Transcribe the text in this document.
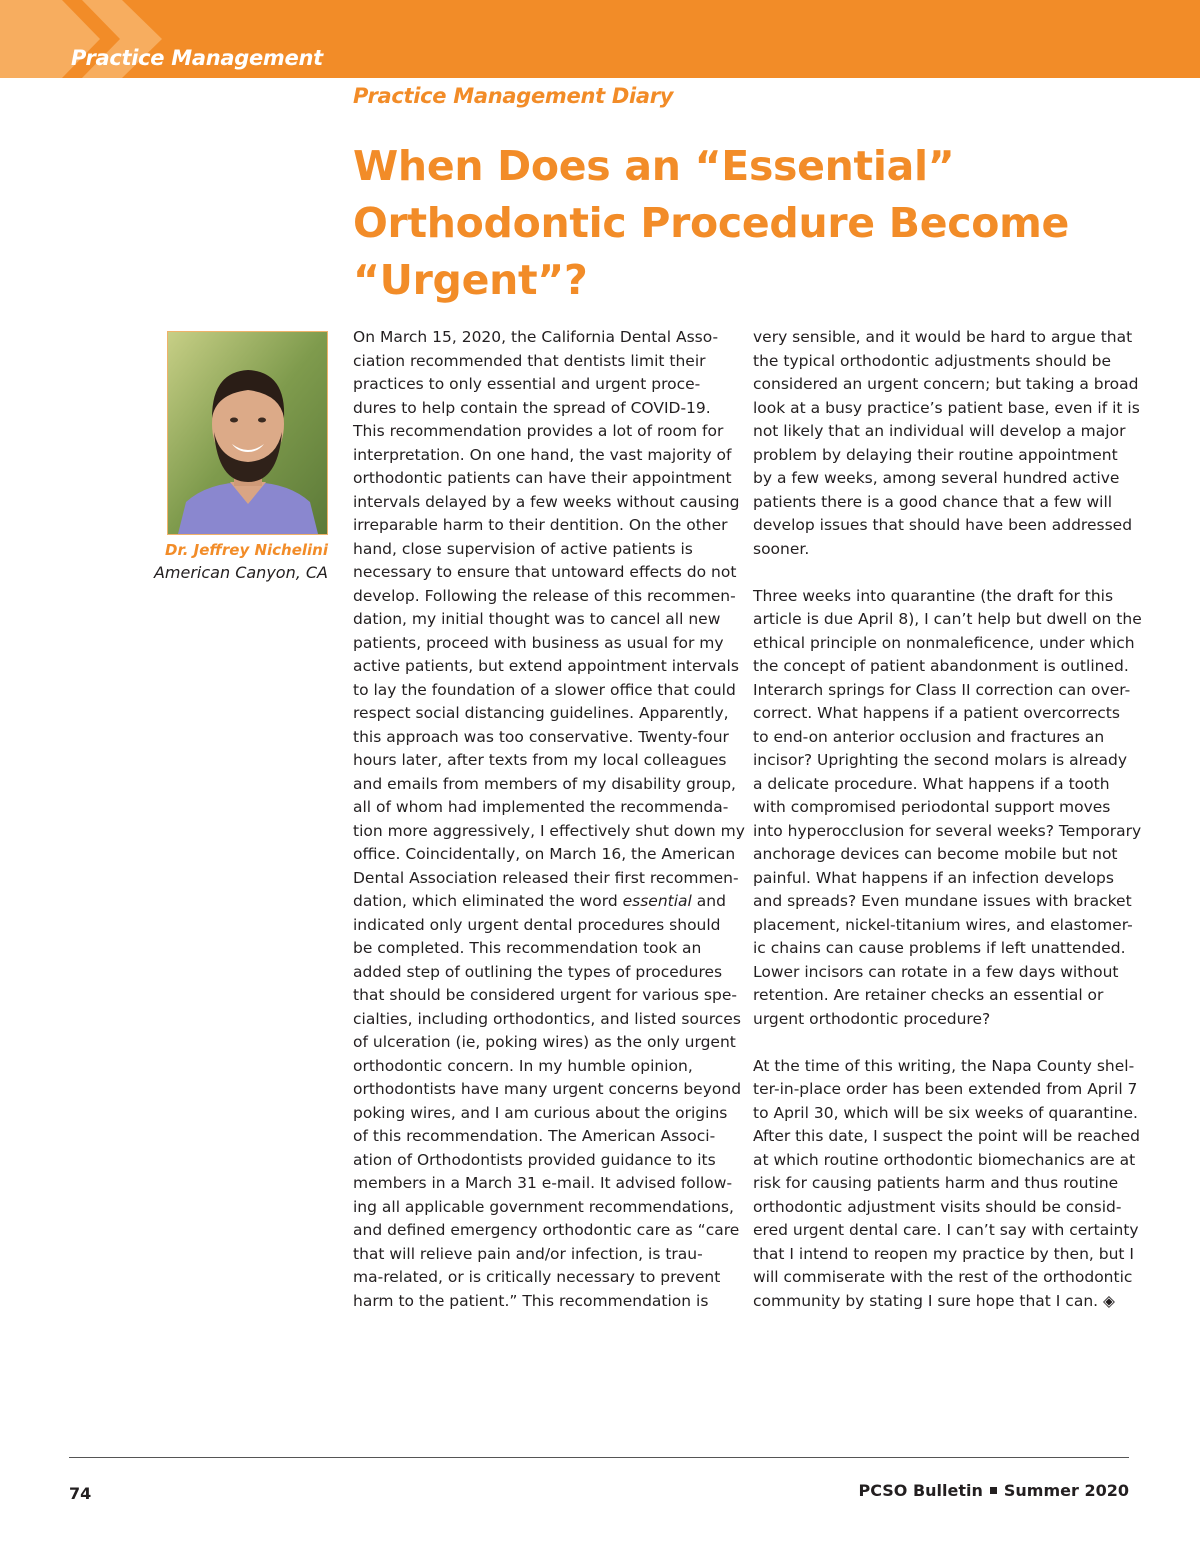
Practice Management
Practice Management Diary
When Does an “Essential”
Orthodontic Procedure Become
“Urgent”?
Dr. Jeffrey Nichelini
American Canyon, CA
On March 15, 2020, the California Dental Asso-
ciation recommended that dentists limit their
practices to only essential and urgent proce-
dures to help contain the spread of COVID-19.
This recommendation provides a lot of room for
interpretation. On one hand, the vast majority of
orthodontic patients can have their appointment
intervals delayed by a few weeks without causing
irreparable harm to their dentition. On the other
hand, close supervision of active patients is
necessary to ensure that untoward effects do not
develop. Following the release of this recommen-
dation, my initial thought was to cancel all new
patients, proceed with business as usual for my
active patients, but extend appointment intervals
to lay the foundation of a slower office that could
respect social distancing guidelines. Apparently,
this approach was too conservative. Twenty-four
hours later, after texts from my local colleagues
and emails from members of my disability group,
all of whom had implemented the recommenda-
tion more aggressively, I effectively shut down my
office. Coincidentally, on March 16, the American
Dental Association released their first recommen-
dation, which eliminated the word essential and
indicated only urgent dental procedures should
be completed. This recommendation took an
added step of outlining the types of procedures
that should be considered urgent for various spe-
cialties, including orthodontics, and listed sources
of ulceration (ie, poking wires) as the only urgent
orthodontic concern. In my humble opinion,
orthodontists have many urgent concerns beyond
poking wires, and I am curious about the origins
of this recommendation. The American Associ-
ation of Orthodontists provided guidance to its
members in a March 31 e-mail. It advised follow-
ing all applicable government recommendations,
and defined emergency orthodontic care as “care
that will relieve pain and/or infection, is trau-
ma-related, or is critically necessary to prevent
harm to the patient.” This recommendation is
very sensible, and it would be hard to argue that
the typical orthodontic adjustments should be
considered an urgent concern; but taking a broad
look at a busy practice’s patient base, even if it is
not likely that an individual will develop a major
problem by delaying their routine appointment
by a few weeks, among several hundred active
patients there is a good chance that a few will
develop issues that should have been addressed
sooner.
Three weeks into quarantine (the draft for this
article is due April 8), I can’t help but dwell on the
ethical principle on nonmaleficence, under which
the concept of patient abandonment is outlined.
Interarch springs for Class II correction can over-
correct. What happens if a patient overcorrects
to end-on anterior occlusion and fractures an
incisor? Uprighting the second molars is already
a delicate procedure. What happens if a tooth
with compromised periodontal support moves
into hyperocclusion for several weeks? Temporary
anchorage devices can become mobile but not
painful. What happens if an infection develops
and spreads? Even mundane issues with bracket
placement, nickel-titanium wires, and elastomer-
ic chains can cause problems if left unattended.
Lower incisors can rotate in a few days without
retention. Are retainer checks an essential or
urgent orthodontic procedure?
At the time of this writing, the Napa County shel-
ter-in-place order has been extended from April 7
to April 30, which will be six weeks of quarantine.
After this date, I suspect the point will be reached
at which routine orthodontic biomechanics are at
risk for causing patients harm and thus routine
orthodontic adjustment visits should be consid-
ered urgent dental care. I can’t say with certainty
that I intend to reopen my practice by then, but I
will commiserate with the rest of the orthodontic
community by stating I sure hope that I can. ◈
74	PCSO Bulletin Summer 2020
